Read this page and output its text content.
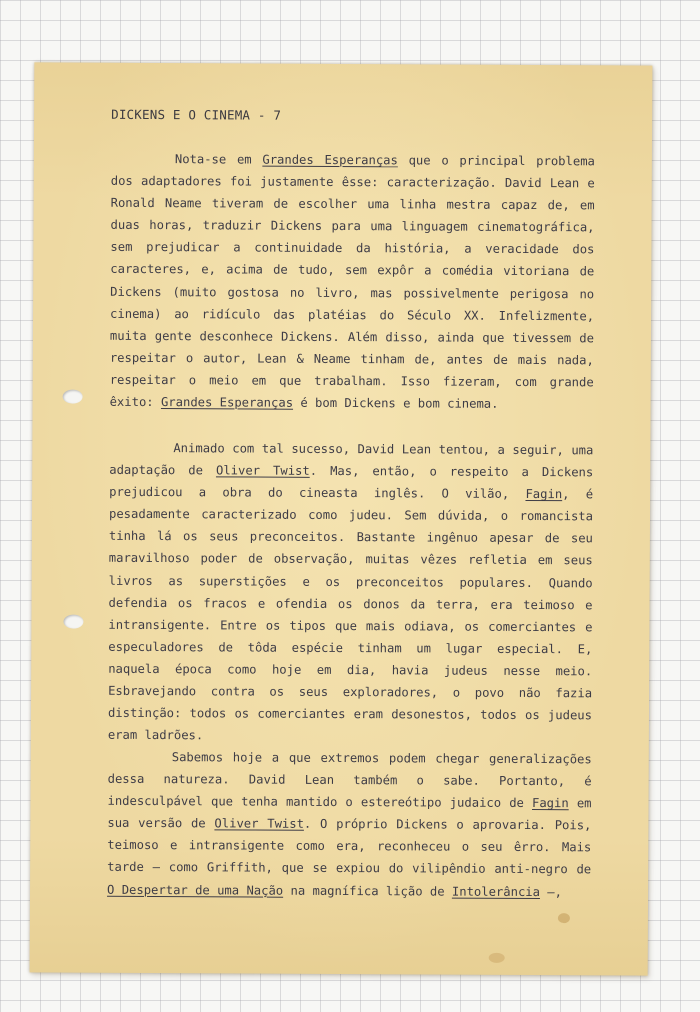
DICKENS E O CINEMA - 7

Nota-se em Grandes Esperanças que o principal problema dos adaptadores foi justamente êsse: caracterização. David Lean e Ronald Neame tiveram de escolher uma linha mestra capaz de, em duas horas, traduzir Dickens para uma linguagem cinematográfica, sem prejudicar a continuidade da história, a veracidade dos caracteres, e, acima de tudo, sem expôr a comédia vitoriana de Dickens (muito gostosa no livro, mas possivelmente perigosa no cinema) ao ridículo das platéias do Século XX. Infelizmente, muita gente desconhece Dickens. Além disso, ainda que tivessem de respeitar o autor, Lean & Neame tinham de, antes de mais nada, respeitar o meio em que trabalham. Isso fizeram, com grande êxito: Grandes Esperanças é bom Dickens e bom cinema.

Animado com tal sucesso, David Lean tentou, a seguir, uma adaptação de Oliver Twist. Mas, então, o respeito a Dickens prejudicou a obra do cineasta inglês. O vilão, Fagin, é pesadamente caracterizado como judeu. Sem dúvida, o romancista tinha lá os seus preconceitos. Bastante ingênuo apesar de seu maravilhoso poder de observação, muitas vêzes refletia em seus livros as superstições e os preconceitos populares. Quando defendia os fracos e ofendia os donos da terra, era teimoso e intransigente. Entre os tipos que mais odiava, os comerciantes e especuladores de tôda espécie tinham um lugar especial. E, naquela época como hoje em dia, havia judeus nesse meio. Esbravejando contra os seus exploradores, o povo não fazia distinção: todos os comerciantes eram desonestos, todos os judeus eram ladrões.

Sabemos hoje a que extremos podem chegar generalizações dessa natureza. David Lean também o sabe. Portanto, é indesculpável que tenha mantido o estereótipo judaico de Fagin em sua versão de Oliver Twist. O próprio Dickens o aprovaria. Pois, teimoso e intransigente como era, reconheceu o seu êrro. Mais tarde — como Griffith, que se expiou do vilipêndio anti-negro de O Despertar de uma Nação na magnífica lição de Intolerância —,
